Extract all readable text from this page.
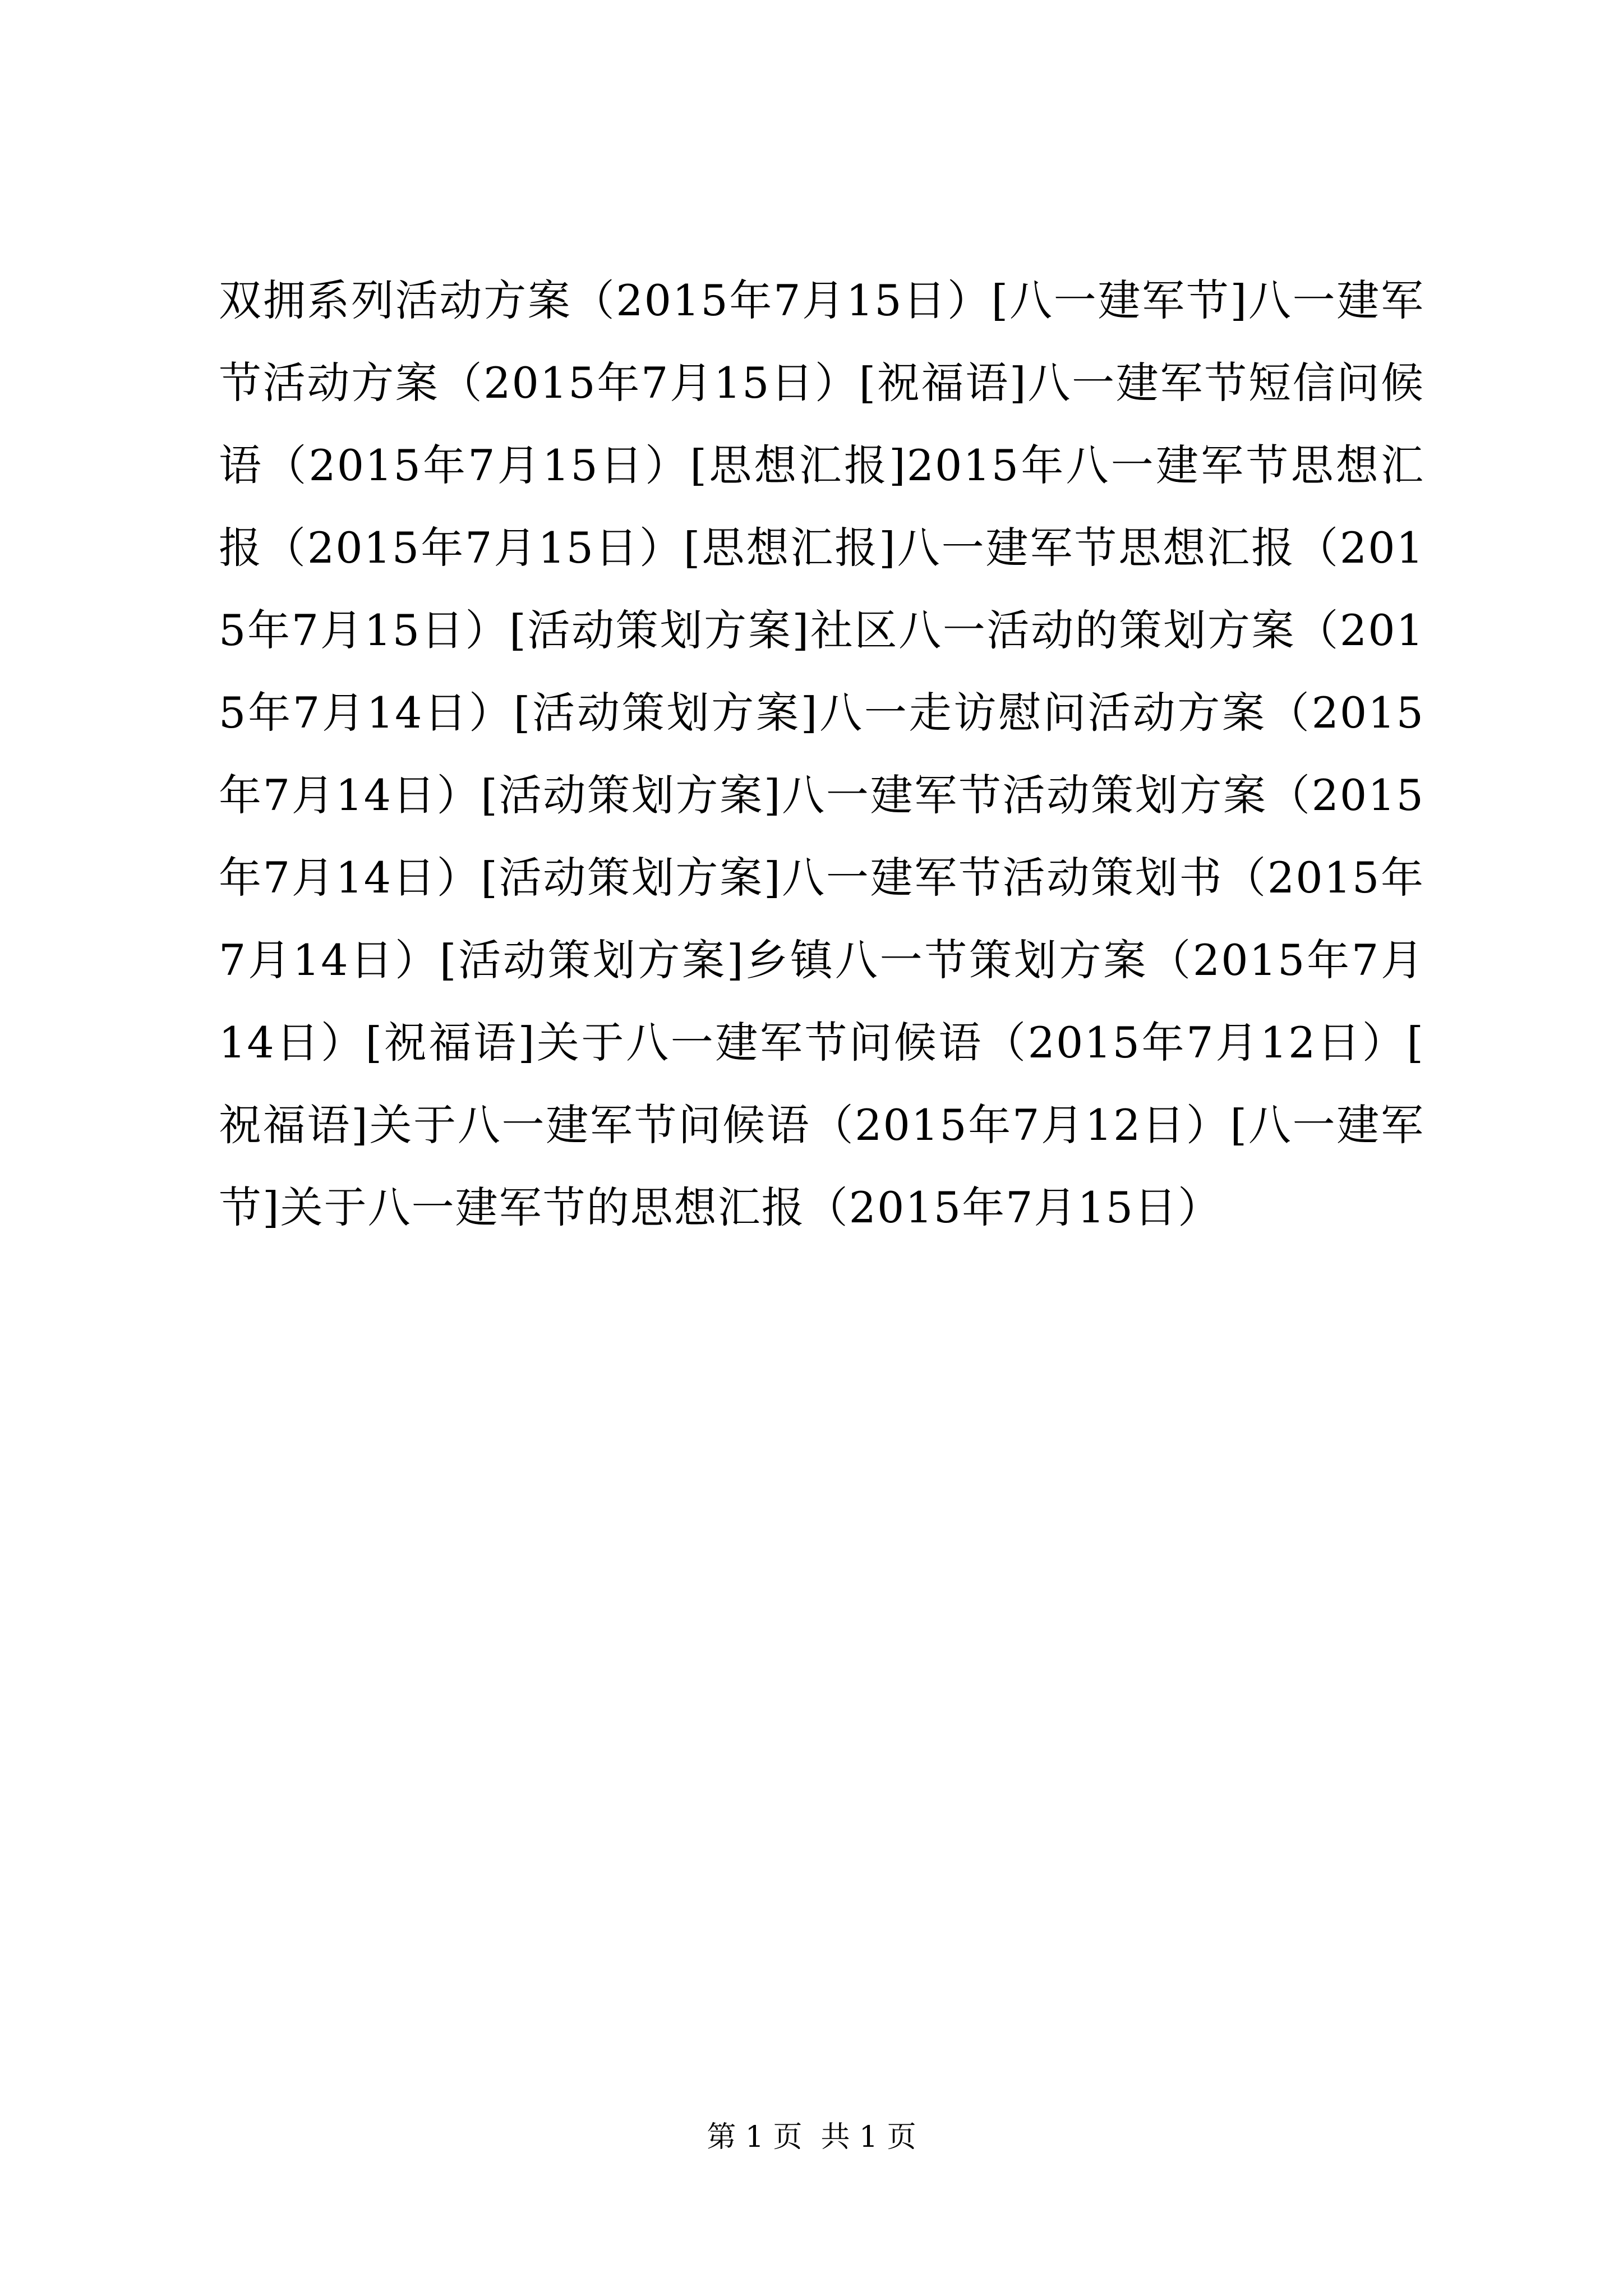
双拥系列活动方案（2015年7月15日）[八一建军节]八一建军节活动方案（2015年7月15日）[祝福语]八一建军节短信问候语（2015年7月15日）[思想汇报]2015年八一建军节思想汇报（2015年7月15日）[思想汇报]八一建军节思想汇报（2015年7月15日）[活动策划方案]社区八一活动的策划方案（2015年7月14日）[活动策划方案]八一走访慰问活动方案（2015年7月14日）[活动策划方案]八一建军节活动策划方案（2015年7月14日）[活动策划方案]八一建军节活动策划书（2015年7月14日）[活动策划方案]乡镇八一节策划方案（2015年7月14日）[祝福语]关于八一建军节问候语（2015年7月12日）[祝福语]关于八一建军节问候语（2015年7月12日）[八一建军节]关于八一建军节的思想汇报（2015年7月15日）

第 1 页  共 1 页
